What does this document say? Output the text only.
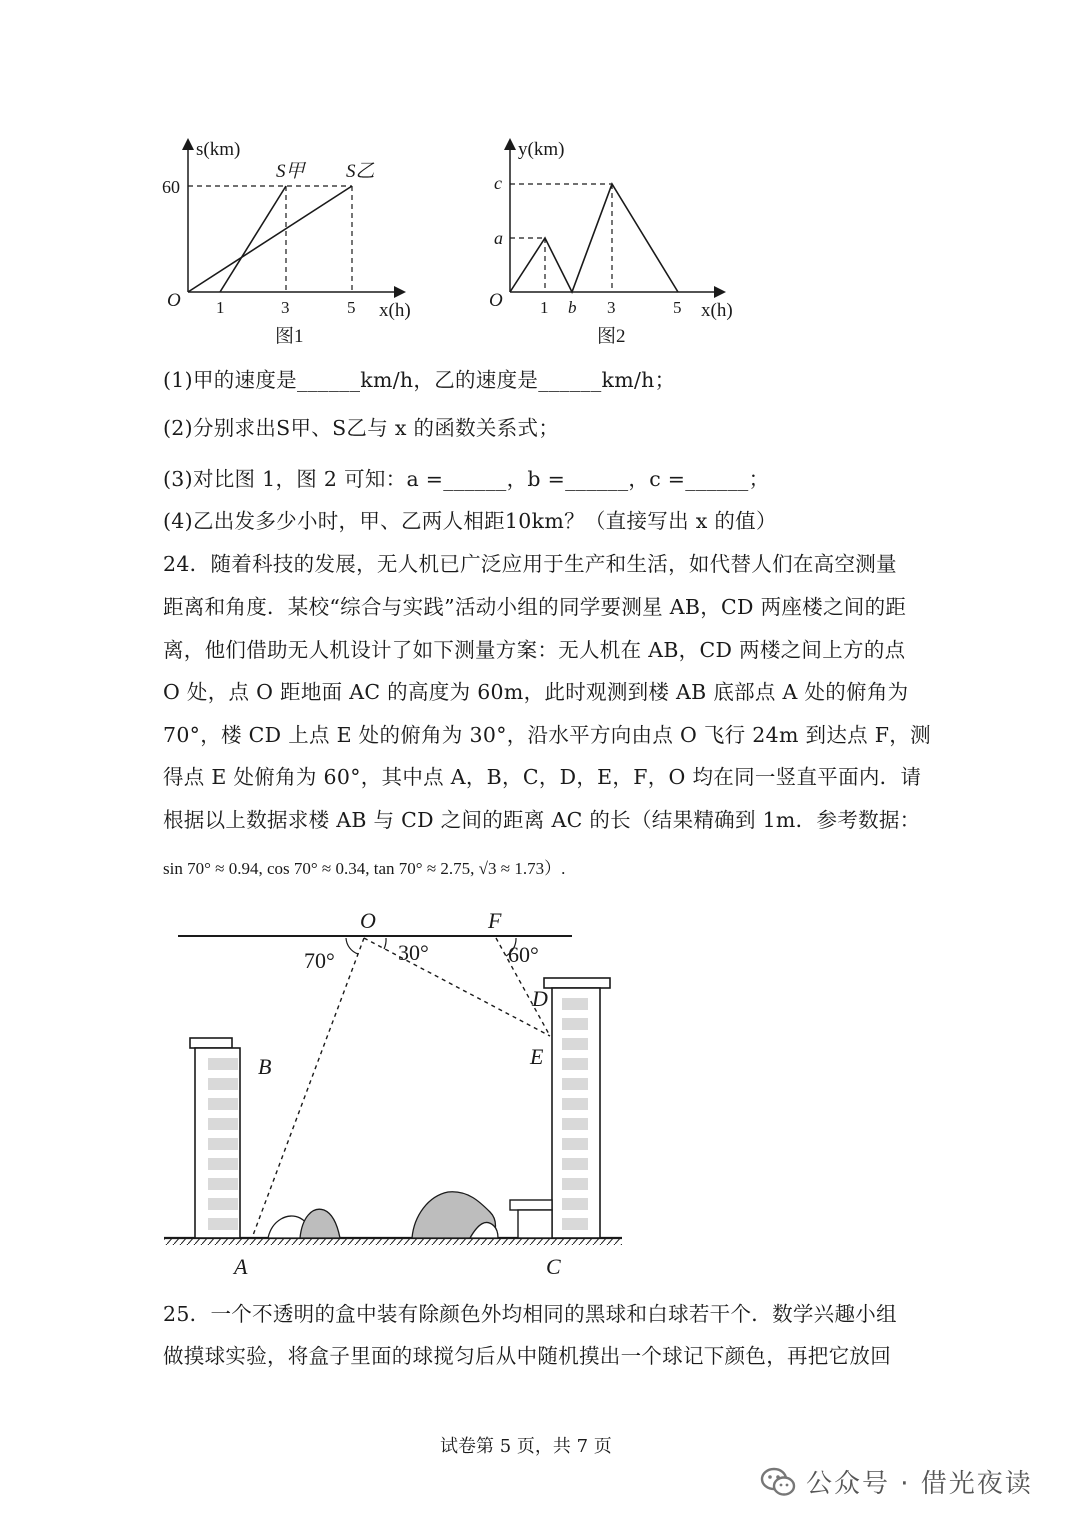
s(km)
x(h)
O
60
1	3	5
S甲 S乙
图1
y(km)
x(h)
O
c
a
1 b 3	5
图2
(1)甲的速度是______km/h，乙的速度是______km/h；
(2)分别求出S甲、S乙与 x 的函数关系式；
(3)对比图 1，图 2 可知：a =______，b =______，c =______；
(4)乙出发多少小时，甲、乙两人相距10km？（直接写出 x 的值）
24．随着科技的发展，无人机已广泛应用于生产和生活，如代替人们在高空测量
距离和角度．某校“综合与实践”活动小组的同学要测星 AB，CD 两座楼之间的距
离，他们借助无人机设计了如下测量方案：无人机在 AB，CD 两楼之间上方的点
O 处，点 O 距地面 AC 的高度为 60m，此时观测到楼 AB 底部点 A 处的俯角为
70°，楼 CD 上点 E 处的俯角为 30°，沿水平方向由点 O 飞行 24m 到达点 F，测
得点 E 处俯角为 60°，其中点 A，B，C，D，E，F，O 均在同一竖直平面内．请
根据以上数据求楼 AB 与 CD 之间的距离 AC 的长（结果精确到 1m．参考数据：
sin 70° ≈ 0.94, cos 70° ≈ 0.34, tan 70° ≈ 2.75, √3 ≈ 1.73）.
O	F
D
E
B
A	C
70°	30°	60°
25．一个不透明的盒中装有除颜色外均相同的黑球和白球若干个．数学兴趣小组
做摸球实验，将盒子里面的球搅匀后从中随机摸出一个球记下颜色，再把它放回
试卷第 5 页，共 7 页
公众号 · 借光夜读
